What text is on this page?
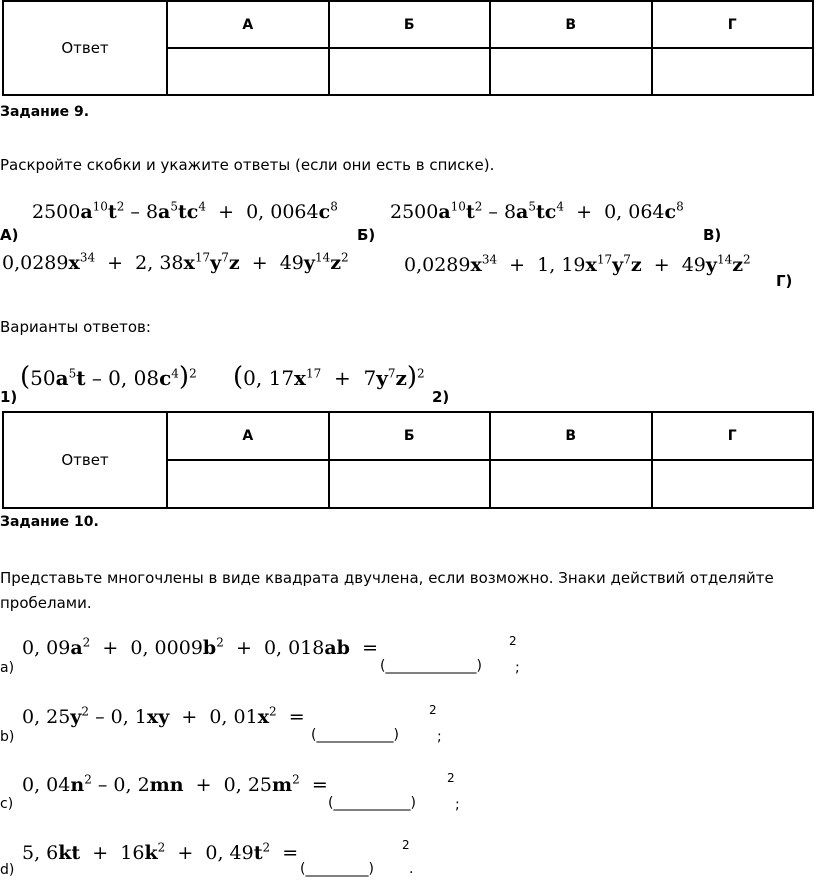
Ответ	А	Б	В	Г

Задание 9.
Раскройте скобки и укажите ответы (если они есть в списке).
$2500a^{10}t^2 - 8a^5tc^4 + 0$, $0064c^8$
А)
$2500a^{10}t^2 - 8a^5tc^4 + 0$, $064c^8$
Б)	В)
$0,0289x^{34} + 2$, $38x^{17}y^7z + 49y^{14}z^2$	$0,0289x^{34} + 1$, $19x^{17}y^7z + 49y^{14}z^2$
Г)
Варианты ответов:
($50a^5t - 0$, $08c^4)^2$
1)
(0, $17x^{17} + 7y^7z)^2$
2)
Ответ	А	Б	В	Г

Задание 10.
Представьте многочлены в виде квадрата двучлена, если возможно. Знаки действий отделяйте
пробелами.
0, $09a^2 + 0$, $0009b^2 + 0$, 018ab  =
a)	(_____________)
2
;
0, $25y^2 - 0$, 1xy  +  0, $01x^2$  =
b)	(___________)
2
;
0, $04n^2 - 0$, 2mn  +  0, $25m^2$  =
c)	(___________)
2
;
5, $6kt + 16k^2 + 0$, $49t^2$  =
d)	(_________)
2
.
